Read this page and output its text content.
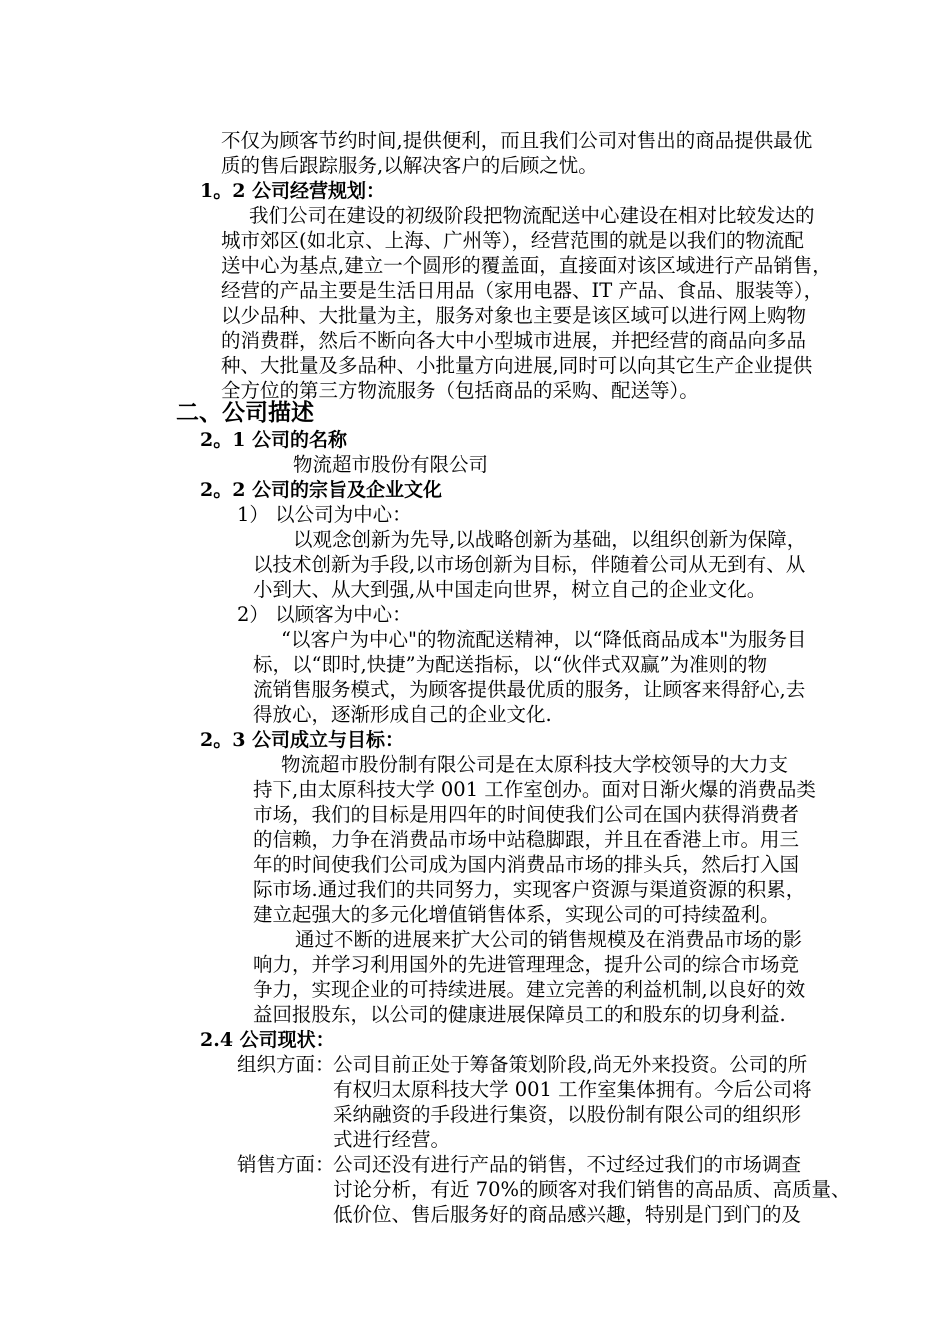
不仅为顾客节约时间,提供便利，而且我们公司对售出的商品提供最优
质的售后跟踪服务,以解决客户的后顾之忧。
1。2 公司经营规划：
我们公司在建设的初级阶段把物流配送中心建设在相对比较发达的
城市郊区(如北京、上海、广州等），经营范围的就是以我们的物流配
送中心为基点,建立一个圆形的覆盖面，直接面对该区域进行产品销售，
经营的产品主要是生活日用品（家用电器、IT 产品、食品、服装等），
以少品种、大批量为主，服务对象也主要是该区域可以进行网上购物
的消费群，然后不断向各大中小型城市进展，并把经营的商品向多品
种、大批量及多品种、小批量方向进展,同时可以向其它生产企业提供
全方位的第三方物流服务（包括商品的采购、配送等）。
二、公司描述
2。1 公司的名称
物流超市股份有限公司
2。2 公司的宗旨及企业文化
1） 以公司为中心：
以观念创新为先导,以战略创新为基础，以组织创新为保障，
以技术创新为手段,以市场创新为目标，伴随着公司从无到有、从
小到大、从大到强,从中国走向世界，树立自己的企业文化。
2） 以顾客为中心：
“以客户为中心"的物流配送精神，以“降低商品成本"为服务目
标，以“即时,快捷”为配送指标，以“伙伴式双赢”为准则的物
流销售服务模式，为顾客提供最优质的服务，让顾客来得舒心,去
得放心，逐渐形成自己的企业文化.
2。3 公司成立与目标：
物流超市股份制有限公司是在太原科技大学校领导的大力支
持下,由太原科技大学 001 工作室创办。面对日渐火爆的消费品类
市场，我们的目标是用四年的时间使我们公司在国内获得消费者
的信赖，力争在消费品市场中站稳脚跟，并且在香港上市。用三
年的时间使我们公司成为国内消费品市场的排头兵，然后打入国
际市场.通过我们的共同努力，实现客户资源与渠道资源的积累，
建立起强大的多元化增值销售体系，实现公司的可持续盈利。
通过不断的进展来扩大公司的销售规模及在消费品市场的影
响力，并学习利用国外的先进管理理念，提升公司的综合市场竞
争力，实现企业的可持续进展。建立完善的利益机制,以良好的效
益回报股东，以公司的健康进展保障员工的和股东的切身利益.
2.4 公司现状：
组织方面：
公司目前正处于筹备策划阶段,尚无外来投资。公司的所
有权归太原科技大学 001 工作室集体拥有。今后公司将
采纳融资的手段进行集资，以股份制有限公司的组织形
式进行经营。
销售方面：
公司还没有进行产品的销售，不过经过我们的市场调查
讨论分析，有近 70%的顾客对我们销售的高品质、高质量、
低价位、售后服务好的商品感兴趣，特别是门到门的及
